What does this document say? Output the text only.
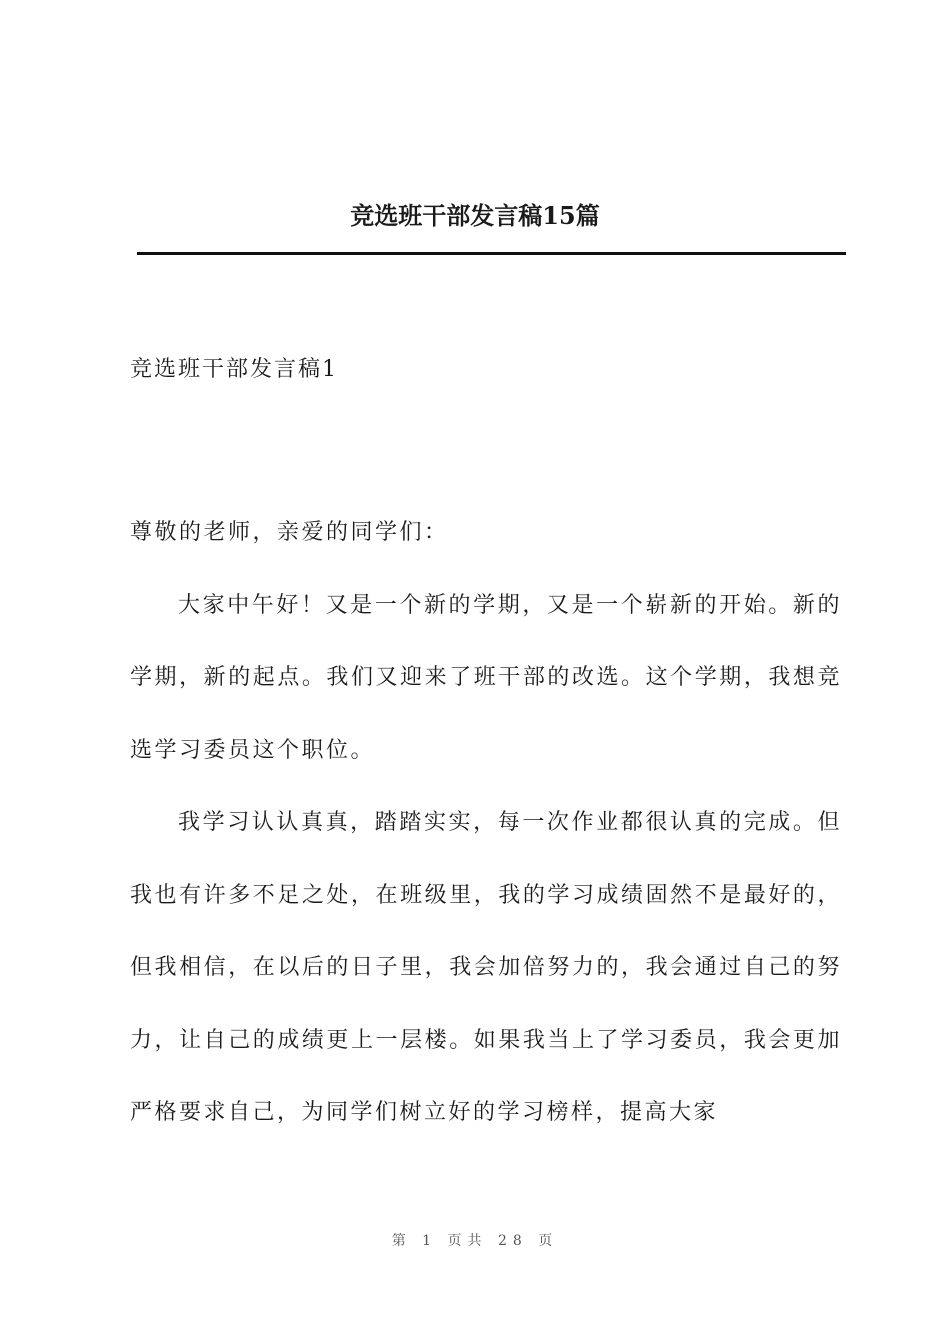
竞选班干部发言稿15篇
竞选班干部发言稿1

尊敬的老师，亲爱的同学们：

大家中午好！又是一个新的学期，又是一个崭新的开始。新的学期，新的起点。我们又迎来了班干部的改选。这个学期，我想竞选学习委员这个职位。

我学习认认真真，踏踏实实，每一次作业都很认真的完成。但我也有许多不足之处，在班级里，我的学习成绩固然不是最好的，但我相信，在以后的日子里，我会加倍努力的，我会通过自己的努力，让自己的成绩更上一层楼。如果我当上了学习委员，我会更加严格要求自己，为同学们树立好的学习榜样，提高大家

第 1 页共 28 页
